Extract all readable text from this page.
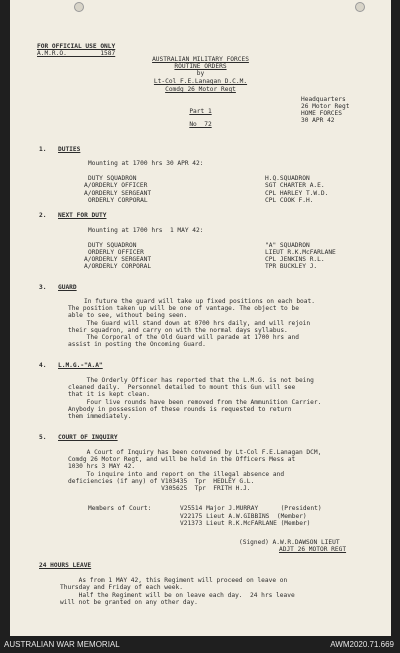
FOR OFFICIAL USE ONLY
A.M.R.O.         1587
AUSTRALIAN MILITARY FORCES
ROUTINE ORDERS
by
Lt-Col F.E.Lanagan D.C.M.
Comdg 26 Motor Regt
Part 1
No  72
Headquarters
26 Motor Regt
HOME FORCES
30 APR 42
1. DUTIES
Mounting at 1700 hrs 30 APR 42:
DUTY SQUADRON	H.Q.SQUADRON
A/ORDERLY OFFICER	SGT CHARTER A.E.
A/ORDERLY SERGEANT	CPL HARLEY T.W.D.
ORDERLY CORPORAL	CPL COOK F.H.
2. NEXT FOR DUTY
Mounting at 1700 hrs  1 MAY 42:
DUTY SQUADRON	"A" SQUADRON
ORDERLY OFFICER	LIEUT R.K.McFARLANE
A/ORDERLY SERGEANT	CPL JENKINS R.L.
A/ORDERLY CORPORAL	TPR BUCKLEY J.
3. GUARD
In future the guard will take up fixed positions on each boat.
The position taken up will be one of vantage. The object to be
able to see, without being seen.
The Guard will stand down at 0700 hrs daily, and will rejoin
their squadron, and carry on with the normal days syllabus.
The Corporal of the Old Guard will parade at 1700 hrs and
assist in posting the Oncoming Guard.
4. L.M.G.-"A.A"
The Orderly Officer has reported that the L.M.G. is not being
cleaned daily.  Personnel detailed to mount this Gun will see
that it is kept clean.
Four live rounds have been removed from the Ammunition Carrier.
Anybody in possession of these rounds is requested to return
them immediately.
5. COURT OF INQUIRY
A Court of Inquiry has been convened by Lt-Col F.E.Lanagan DCM,
Comdg 26 Motor Regt, and will be held in the Officers Mess at
1030 hrs 3 MAY 42.
To inquire into and report on the illegal absence and
deficiencies (if any) of V103435  Tpr  HEDLEY G.L.
V305625  Tpr  FRITH H.J.
Members of Court:	V25514 Major J.MURRAY      (President)
V22175 Lieut A.W.GIBBINS  (Member)
V21373 Lieut R.K.McFARLANE (Member)
(Signed) A.W.R.DAWSON LIEUT
ADJT 26 MOTOR REGT
24 HOURS LEAVE
As from 1 MAY 42, this Regiment will proceed on leave on
Thursday and Friday of each week.
Half the Regiment will be on leave each day.  24 hrs leave
will not be granted on any other day.
AUSTRALIAN WAR MEMORIAL	AWM2020.71.669
